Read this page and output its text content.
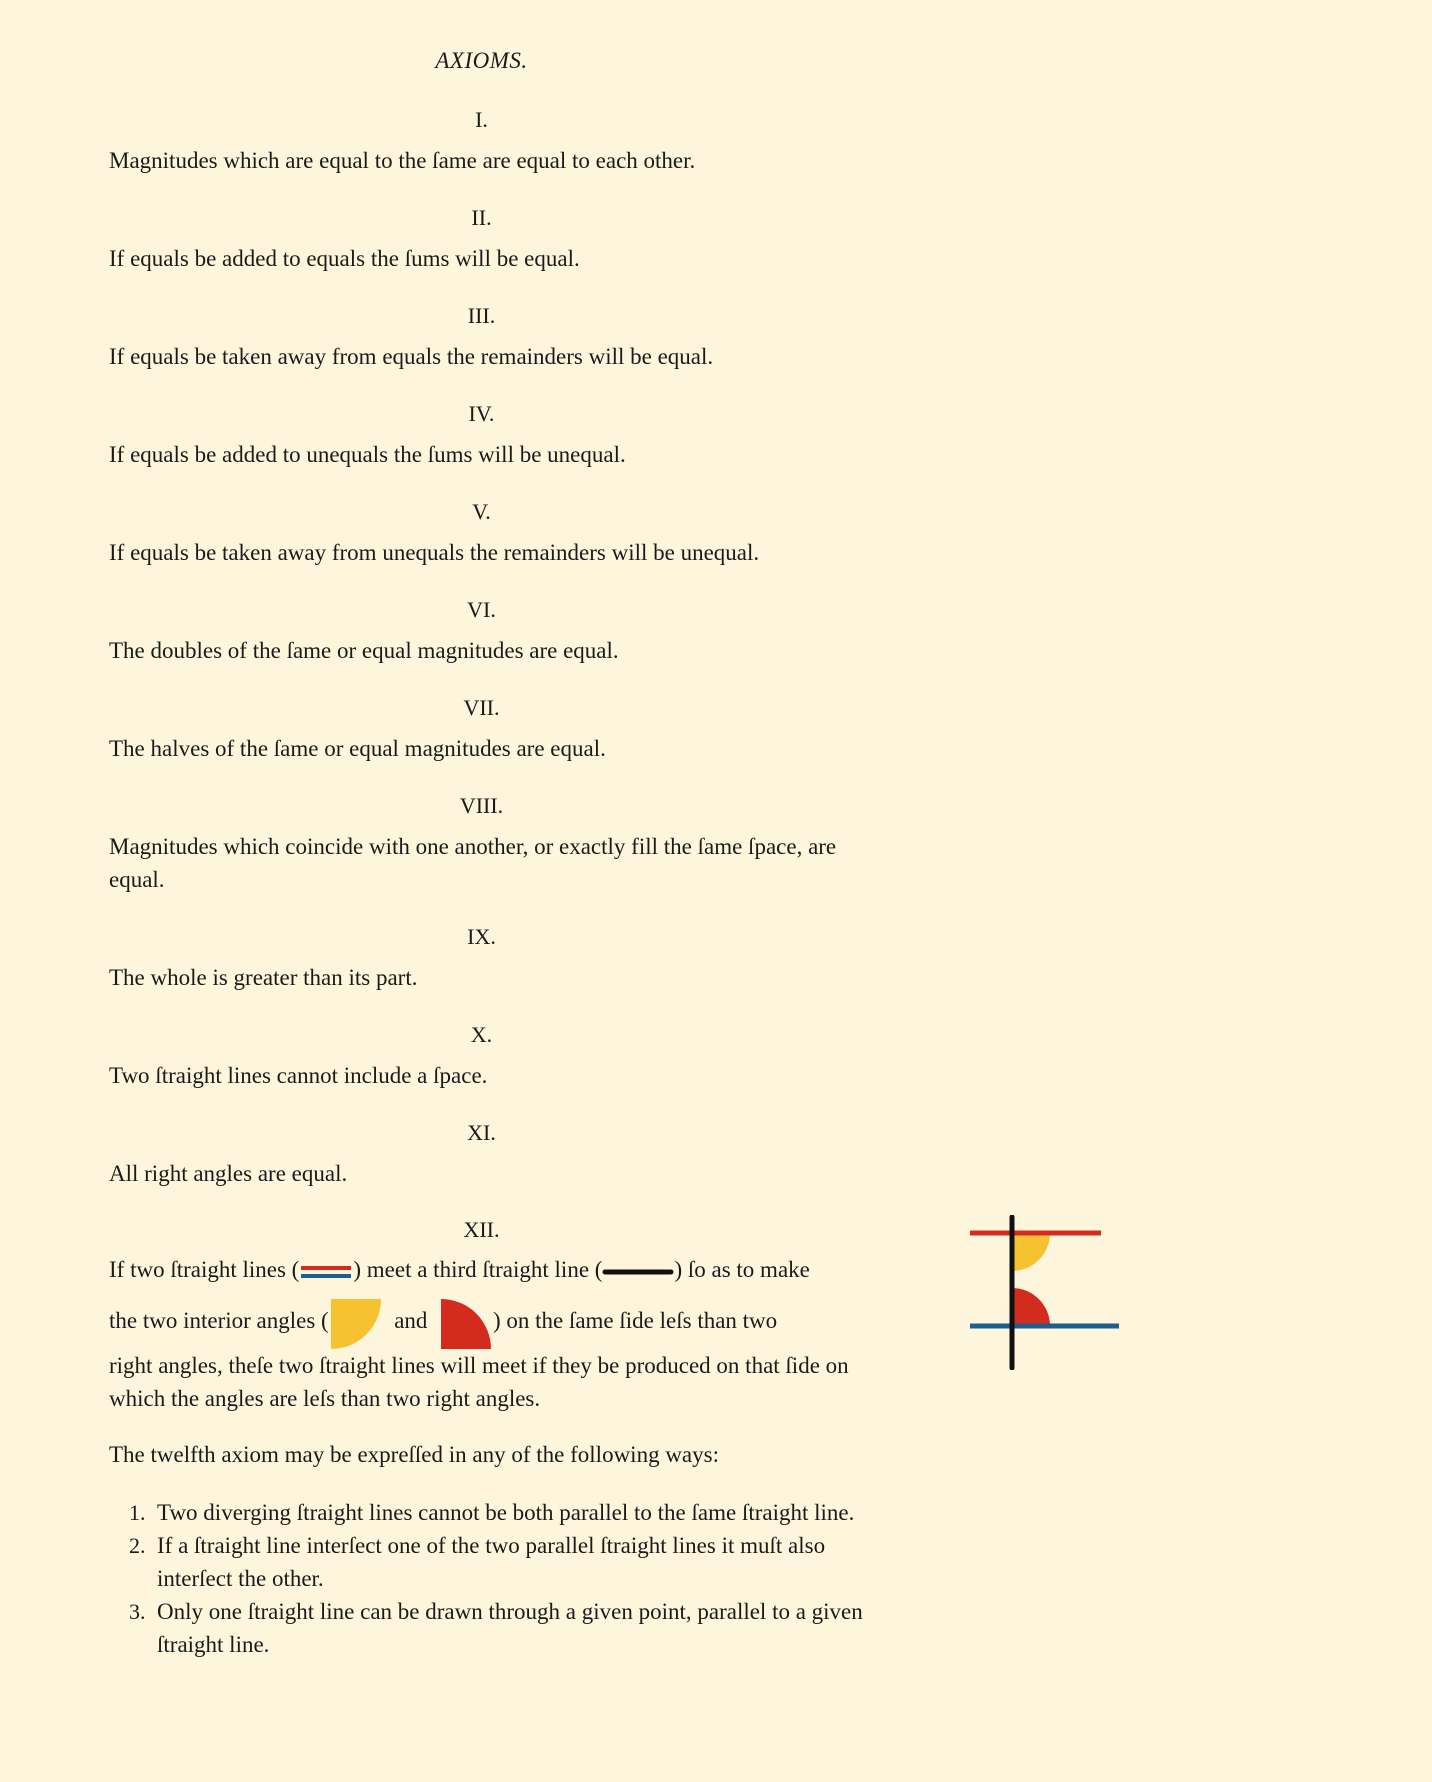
AXIOMS.
I.
Magnitudes which are equal to the ſame are equal to each other.
II.
If equals be added to equals the ſums will be equal.
III.
If equals be taken away from equals the remainders will be equal.
IV.
If equals be added to unequals the ſums will be unequal.
V.
If equals be taken away from unequals the remainders will be unequal.
VI.
The doubles of the ſame or equal magnitudes are equal.
VII.
The halves of the ſame or equal magnitudes are equal.
VIII.
Magnitudes which coincide with one another, or exactly fill the ſame ſpace, are equal.
IX.
The whole is greater than its part.
X.
Two ſtraight lines cannot include a ſpace.
XI.
All right angles are equal.
XII.
If two ſtraight lines ( ) meet a third ſtraight line (	) ſo as to make
the two interior angles (	and	) on the ſame ſide leſs than two
right angles, theſe two ſtraight lines will meet if they be produced on that ſide on which the angles are leſs than two right angles.
The twelfth axiom may be expreſſed in any of the following ways:
1. Two diverging ſtraight lines cannot be both parallel to the ſame ſtraight line.
2. If a ſtraight line interſect one of the two parallel ſtraight lines it muſt also interſect the other.
3. Only one ſtraight line can be drawn through a given point, parallel to a given ſtraight line.
